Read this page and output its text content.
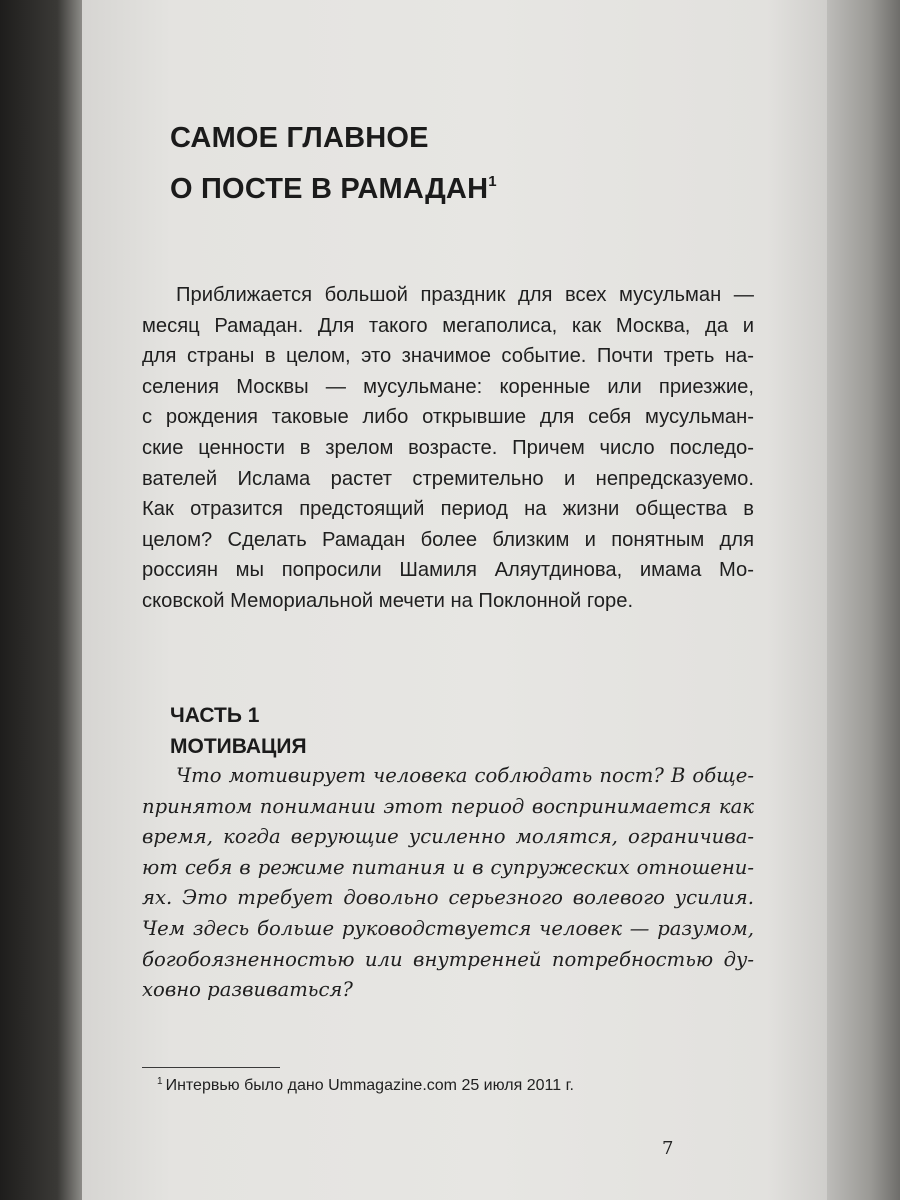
САМОЕ ГЛАВНОЕ
О ПОСТЕ В РАМАДАН$^1$
Приближается большой праздник для всех мусульман —
месяц Рамадан. Для такого мегаполиса, как Москва, да и
для страны в целом, это значимое событие. Почти треть на-
селения Москвы — мусульмане: коренные или приезжие,
с рождения таковые либо открывшие для себя мусульман-
ские ценности в зрелом возрасте. Причем число последо-
вателей Ислама растет стремительно и непредсказуемо.
Как отразится предстоящий период на жизни общества в
целом? Сделать Рамадан более близким и понятным для
россиян мы попросили Шамиля Аляутдинова, имама Мо-
сковской Мемориальной мечети на Поклонной горе.
ЧАСТЬ 1
МОТИВАЦИЯ
Что мотивирует человека соблюдать пост? В обще-
принятом понимании этот период воспринимается как
время, когда верующие усиленно молятся, ограничива-
ют себя в режиме питания и в супружеских отношени-
ях. Это требует довольно серьезного волевого усилия.
Чем здесь больше руководствуется человек — разумом,
богобоязненностью или внутренней потребностью ду-
ховно развиваться?
$^1$ Интервью было дано Ummagazine.com 25 июля 2011 г.
7
